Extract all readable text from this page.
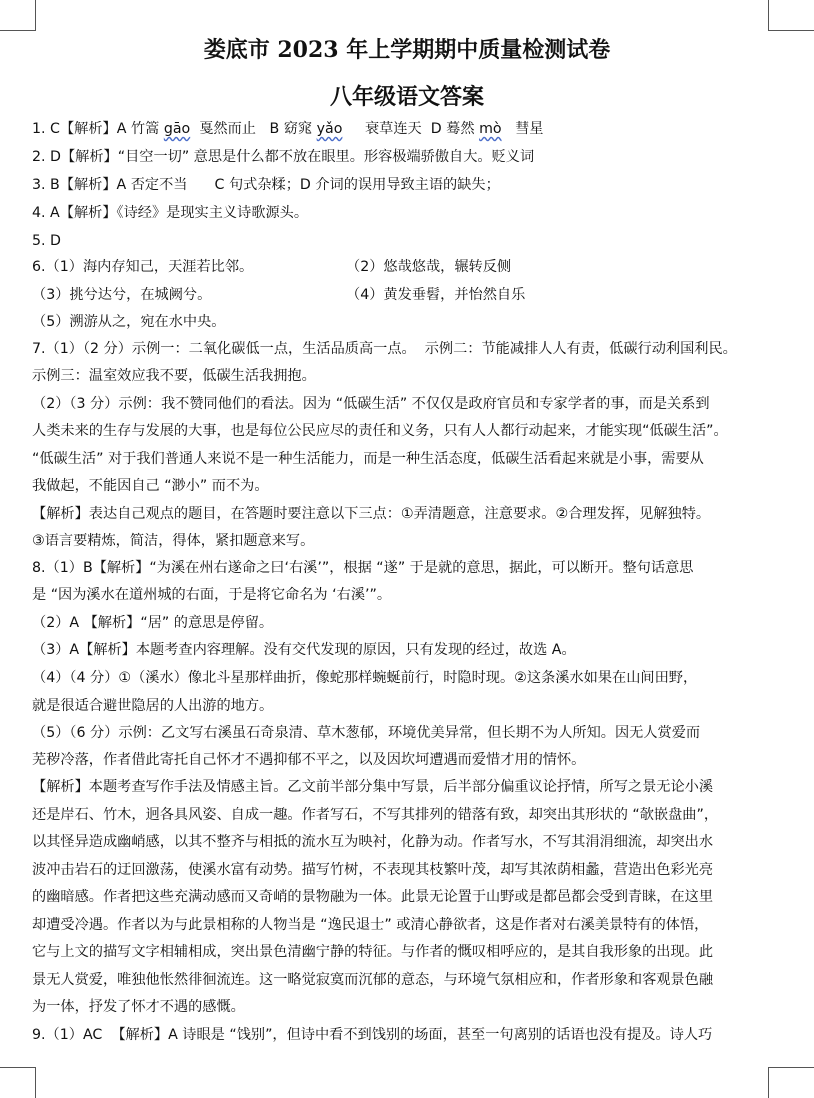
娄底市 2023 年上学期期中质量检测试卷
八年级语文答案
1. C【解析】A 竹篙 gāo  戛然而止   B 窈窕 yǎo     衰草连天  D 蓦然 mò   彗星
2. D【解析】“目空一切” 意思是什么都不放在眼里。形容极端骄傲自大。贬义词
3. B【解析】A 否定不当      C 句式杂糅；D 介词的误用导致主语的缺失；
4. A【解析】《诗经》是现实主义诗歌源头。
5. D
6.（1）海内存知己，天涯若比邻。	（2）悠哉悠哉，辗转反侧
（3）挑兮达兮，在城阙兮。	（4）黄发垂髫，并怡然自乐
（5）溯游从之，宛在水中央。
7.（1）（2 分）示例一：二氧化碳低一点，生活品质高一点。  示例二：节能减排人人有责，低碳行动利国利民。
示例三：温室效应我不要，低碳生活我拥抱。
（2）（3 分）示例：我不赞同他们的看法。因为 “低碳生活” 不仅仅是政府官员和专家学者的事，而是关系到
人类未来的生存与发展的大事，也是每位公民应尽的责任和义务，只有人人都行动起来，才能实现“低碳生活”。
“低碳生活” 对于我们普通人来说不是一种生活能力，而是一种生活态度，低碳生活看起来就是小事，需要从
我做起，不能因自己 “渺小” 而不为。
【解析】表达自己观点的题目，在答题时要注意以下三点：①弄清题意，注意要求。②合理发挥，见解独特。
③语言要精炼，简洁，得体，紧扣题意来写。
8.（1）B【解析】“为溪在州右遂命之曰‘右溪’”，根据 “遂” 于是就的意思，据此，可以断开。整句话意思
是 “因为溪水在道州城的右面，于是将它命名为 ‘右溪’”。
（2）A 【解析】“居” 的意思是停留。
（3）A【解析】本题考查内容理解。没有交代发现的原因，只有发现的经过，故选 A。
（4）（4 分）①（溪水）像北斗星那样曲折，像蛇那样蜿蜒前行，时隐时现。②这条溪水如果在山间田野，
就是很适合避世隐居的人出游的地方。
（5）（6 分）示例：乙文写右溪虽石奇泉清、草木葱郁，环境优美异常，但长期不为人所知。因无人赏爱而
芜秽冷落，作者借此寄托自己怀才不遇抑郁不平之，以及因坎坷遭遇而爱惜才用的情怀。
【解析】本题考查写作手法及情感主旨。乙文前半部分集中写景，后半部分偏重议论抒情，所写之景无论小溪
还是岸石、竹木，迥各具风姿、自成一趣。作者写石，不写其排列的错落有致，却突出其形状的 “欹嵌盘曲”，
以其怪异造成幽峭感，以其不整齐与相抵的流水互为映衬，化静为动。作者写水，不写其涓涓细流，却突出水
波冲击岩石的迂回激荡，使溪水富有动势。描写竹树，不表现其枝繁叶茂，却写其浓荫相蠡，营造出色彩光亮
的幽暗感。作者把这些充满动感而又奇峭的景物融为一体。此景无论置于山野或是都邑都会受到青睐，在这里
却遭受冷遇。作者以为与此景相称的人物当是 “逸民退士” 或清心静欲者，这是作者对右溪美景特有的体悟，
它与上文的描写文字相辅相成，突出景色清幽宁静的特征。与作者的慨叹相呼应的，是其自我形象的出现。此
景无人赏爱，唯独他怅然徘徊流连。这一略觉寂寞而沉郁的意态，与环境气氛相应和，作者形象和客观景色融
为一体，抒发了怀才不遇的感慨。
9.（1）AC  【解析】A 诗眼是 “饯别”，但诗中看不到饯别的场面，甚至一句离别的话语也没有提及。诗人巧
